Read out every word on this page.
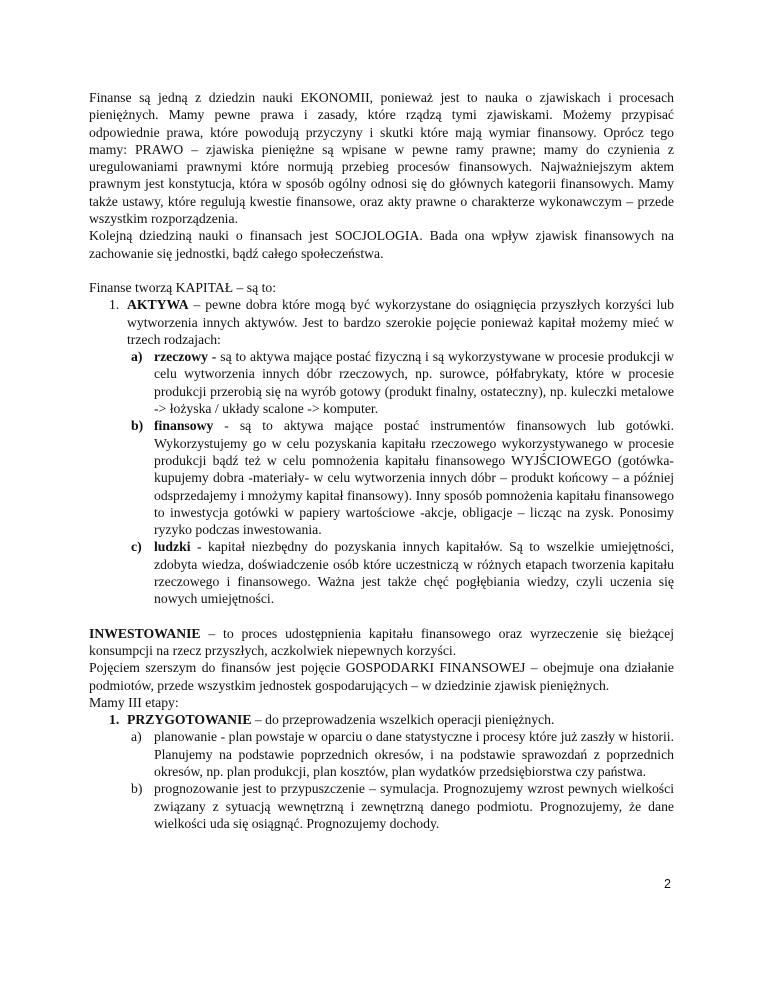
Finanse są jedną z dziedzin nauki EKONOMII, ponieważ jest to nauka o zjawiskach i procesach pieniężnych. Mamy pewne prawa i zasady, które rządzą tymi zjawiskami. Możemy przypisać odpowiednie prawa, które powodują przyczyny i skutki które mają wymiar finansowy. Oprócz tego mamy: PRAWO – zjawiska pieniężne są wpisane w pewne ramy prawne; mamy do czynienia z uregulowaniami prawnymi które normują przebieg procesów finansowych. Najważniejszym aktem prawnym jest konstytucja, która w sposób ogólny odnosi się do głównych kategorii finansowych. Mamy także ustawy, które regulują kwestie finansowe, oraz akty prawne o charakterze wykonawczym – przede wszystkim rozporządzenia.

Kolejną dziedziną nauki o finansach jest SOCJOLOGIA. Bada ona wpływ zjawisk finansowych na zachowanie się jednostki, bądź całego społeczeństwa.

Finanse tworzą KAPITAŁ – są to:

1. AKTYWA – pewne dobra które mogą być wykorzystane do osiągnięcia przyszłych korzyści lub wytworzenia innych aktywów. Jest to bardzo szerokie pojęcie ponieważ kapitał możemy mieć w trzech rodzajach:
a) rzeczowy - są to aktywa mające postać fizyczną i są wykorzystywane w procesie produkcji w celu wytworzenia innych dóbr rzeczowych, np. surowce, półfabrykaty, które w procesie produkcji przerobią się na wyrób gotowy (produkt finalny, ostateczny), np. kuleczki metalowe -> łożyska / układy scalone -> komputer.
b) finansowy - są to aktywa mające postać instrumentów finansowych lub gotówki. Wykorzystujemy go w celu pozyskania kapitału rzeczowego wykorzystywanego w procesie produkcji bądź też w celu pomnożenia kapitału finansowego WYJŚCIOWEGO (gotówka- kupujemy dobra -materiały- w celu wytworzenia innych dóbr – produkt końcowy – a później odsprzedajemy i mnożymy kapitał finansowy). Inny sposób pomnożenia kapitału finansowego to inwestycja gotówki w papiery wartościowe -akcje, obligacje – licząc na zysk. Ponosimy ryzyko podczas inwestowania.
c) ludzki - kapitał niezbędny do pozyskania innych kapitałów. Są to wszelkie umiejętności, zdobyta wiedza, doświadczenie osób które uczestniczą w różnych etapach tworzenia kapitału rzeczowego i finansowego. Ważna jest także chęć pogłębiania wiedzy, czyli uczenia się nowych umiejętności.

INWESTOWANIE – to proces udostępnienia kapitału finansowego oraz wyrzeczenie się bieżącej konsumpcji na rzecz przyszłych, aczkolwiek niepewnych korzyści.

Pojęciem szerszym do finansów jest pojęcie GOSPODARKI FINANSOWEJ – obejmuje ona działanie podmiotów, przede wszystkim jednostek gospodarujących – w dziedzinie zjawisk pieniężnych.

Mamy III etapy:

1. PRZYGOTOWANIE – do przeprowadzenia wszelkich operacji pieniężnych.
a) planowanie - plan powstaje w oparciu o dane statystyczne i procesy które już zaszły w historii. Planujemy na podstawie poprzednich okresów, i na podstawie sprawozdań z poprzednich okresów, np. plan produkcji, plan kosztów, plan wydatków przedsiębiorstwa czy państwa.
b) prognozowanie jest to przypuszczenie – symulacja. Prognozujemy wzrost pewnych wielkości związany z sytuacją wewnętrzną i zewnętrzną danego podmiotu. Prognozujemy, że dane wielkości uda się osiągnąć. Prognozujemy dochody.
2
